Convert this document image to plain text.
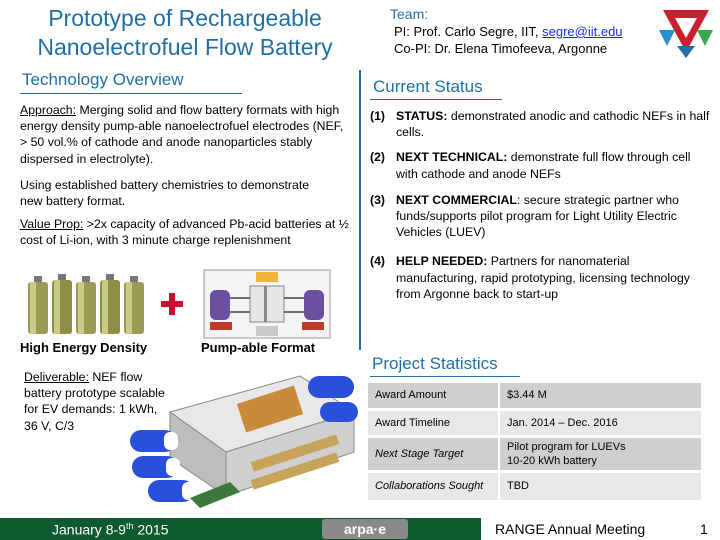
Prototype of Rechargeable
Nanoelectrofuel Flow Battery
Team:
PI: Prof. Carlo Segre, IIT, segre@iit.edu
Co-PI: Dr. Elena Timofeeva, Argonne
Technology Overview
Approach: Merging solid and flow battery formats with high energy density pump-able nanoelectrofuel electrodes (NEF, > 50 vol.% of cathode and anode nanoparticles stably dispersed in electrolyte).
Using established battery chemistries to demonstrate new battery format.
Value Prop: >2x capacity of advanced Pb-acid batteries at ½ cost of Li-ion, with 3 minute charge replenishment
High Energy Density	Pump-able Format
Deliverable: NEF flow battery prototype scalable for EV demands: 1 kWh, 36 V, C/3
Current Status
(1) STATUS: demonstrated anodic and cathodic NEFs in half cells.
(2) NEXT TECHNICAL: demonstrate full flow through cell with cathode and anode NEFs
(3) NEXT COMMERCIAL: secure strategic partner who funds/supports pilot program for Light Utility Electric Vehicles (LUEV)
(4) HELP NEEDED: Partners for nanomaterial manufacturing, rapid prototyping, licensing technology from Argonne back to start-up
Project Statistics
Award Amount	$3.44 M
Award Timeline	Jan. 2014 – Dec. 2016
Next Stage Target	Pilot program for LUEVs
10-20 kWh battery

Collaborations Sought	TBD
January 8-9th 2015	arpa·e	RANGE Annual Meeting	1
